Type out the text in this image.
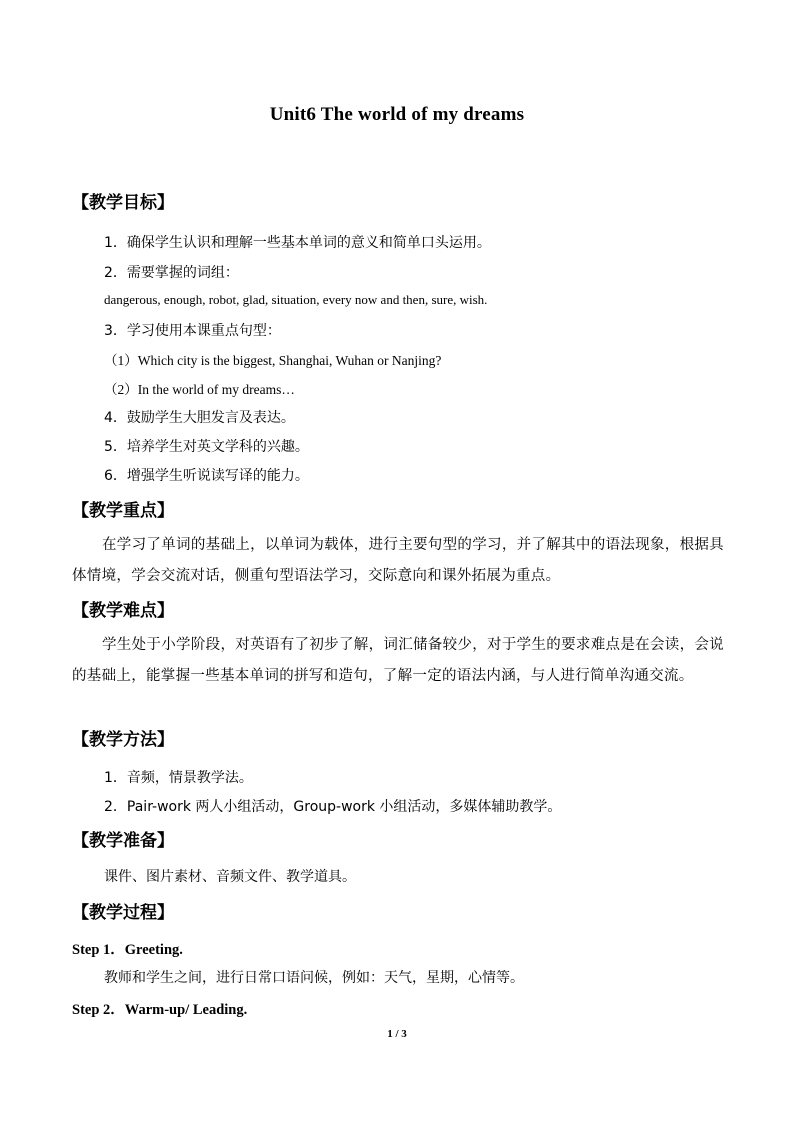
Unit6 The world of my dreams
【教学目标】
1．确保学生认识和理解一些基本单词的意义和简单口头运用。
2．需要掌握的词组：
dangerous, enough, robot, glad, situation, every now and then, sure, wish.
3．学习使用本课重点句型：
（1）Which city is the biggest, Shanghai, Wuhan or Nanjing?
（2）In the world of my dreams…
4．鼓励学生大胆发言及表达。
5．培养学生对英文学科的兴趣。
6．增强学生听说读写译的能力。
【教学重点】
在学习了单词的基础上，以单词为载体，进行主要句型的学习，并了解其中的语法现象，根据具体情境，学会交流对话，侧重句型语法学习，交际意向和课外拓展为重点。
【教学难点】
学生处于小学阶段，对英语有了初步了解，词汇储备较少，对于学生的要求难点是在会读，会说的基础上，能掌握一些基本单词的拼写和造句，了解一定的语法内涵，与人进行简单沟通交流。
【教学方法】
1．音频，情景教学法。
2．Pair-work 两人小组活动，Group-work 小组活动，多媒体辅助教学。
【教学准备】
课件、图片素材、音频文件、教学道具。
【教学过程】
Step 1．Greeting.
教师和学生之间，进行日常口语问候，例如：天气，星期，心情等。
Step 2．Warm-up/ Leading.
1 / 3
